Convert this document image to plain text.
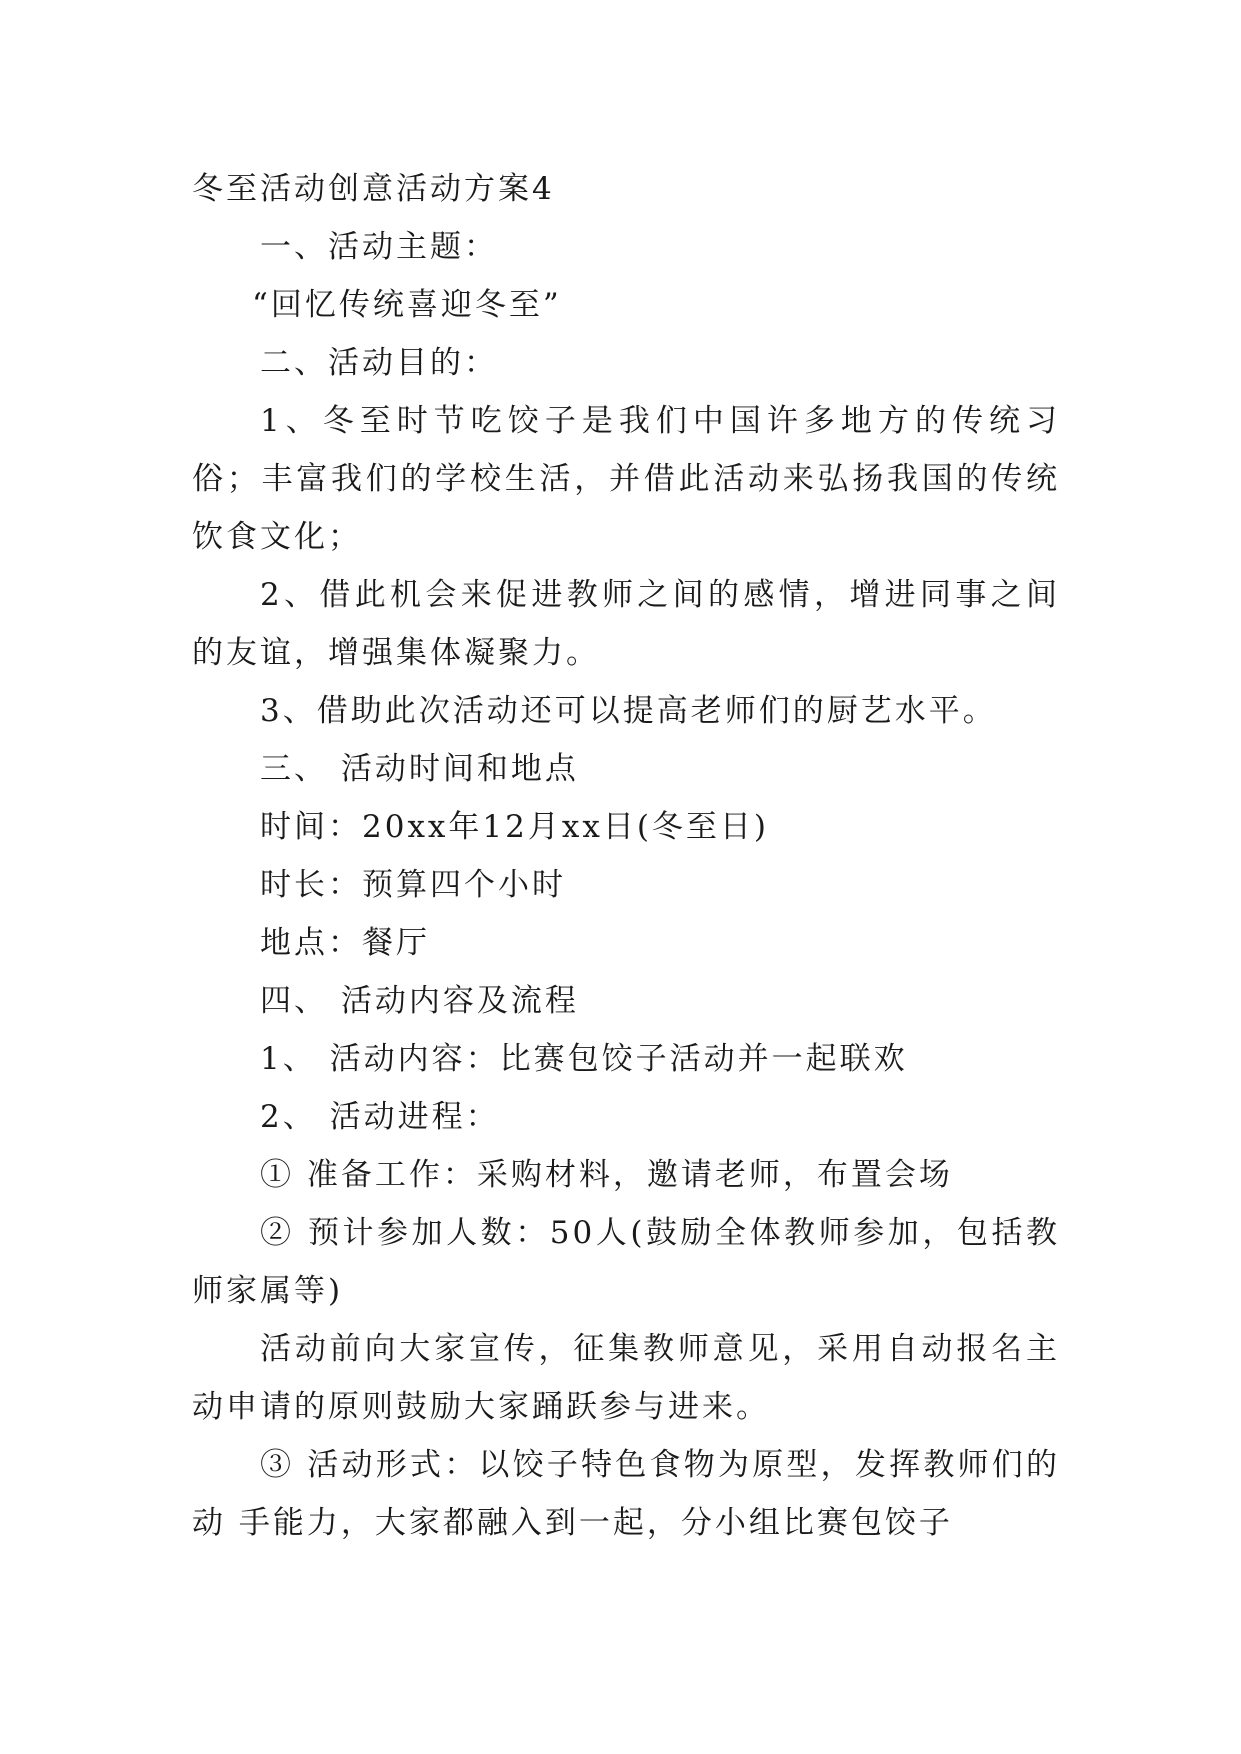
冬至活动创意活动方案4

一、活动主题：

“回忆传统喜迎冬至”

二、活动目的：

1、冬至时节吃饺子是我们中国许多地方的传统习俗；丰富我们的学校生活，并借此活动来弘扬我国的传统饮食文化；

2、借此机会来促进教师之间的感情，增进同事之间的友谊，增强集体凝聚力。

3、借助此次活动还可以提高老师们的厨艺水平。

三、 活动时间和地点

时间：20xx年12月xx日(冬至日)

时长：预算四个小时

地点：餐厅

四、 活动内容及流程

1、 活动内容：比赛包饺子活动并一起联欢

2、 活动进程：

① 准备工作：采购材料，邀请老师，布置会场

② 预计参加人数：50人(鼓励全体教师参加，包括教师家属等)

活动前向大家宣传，征集教师意见，采用自动报名主动申请的原则鼓励大家踊跃参与进来。

③ 活动形式：以饺子特色食物为原型，发挥教师们的动 手能力，大家都融入到一起，分小组比赛包饺子
